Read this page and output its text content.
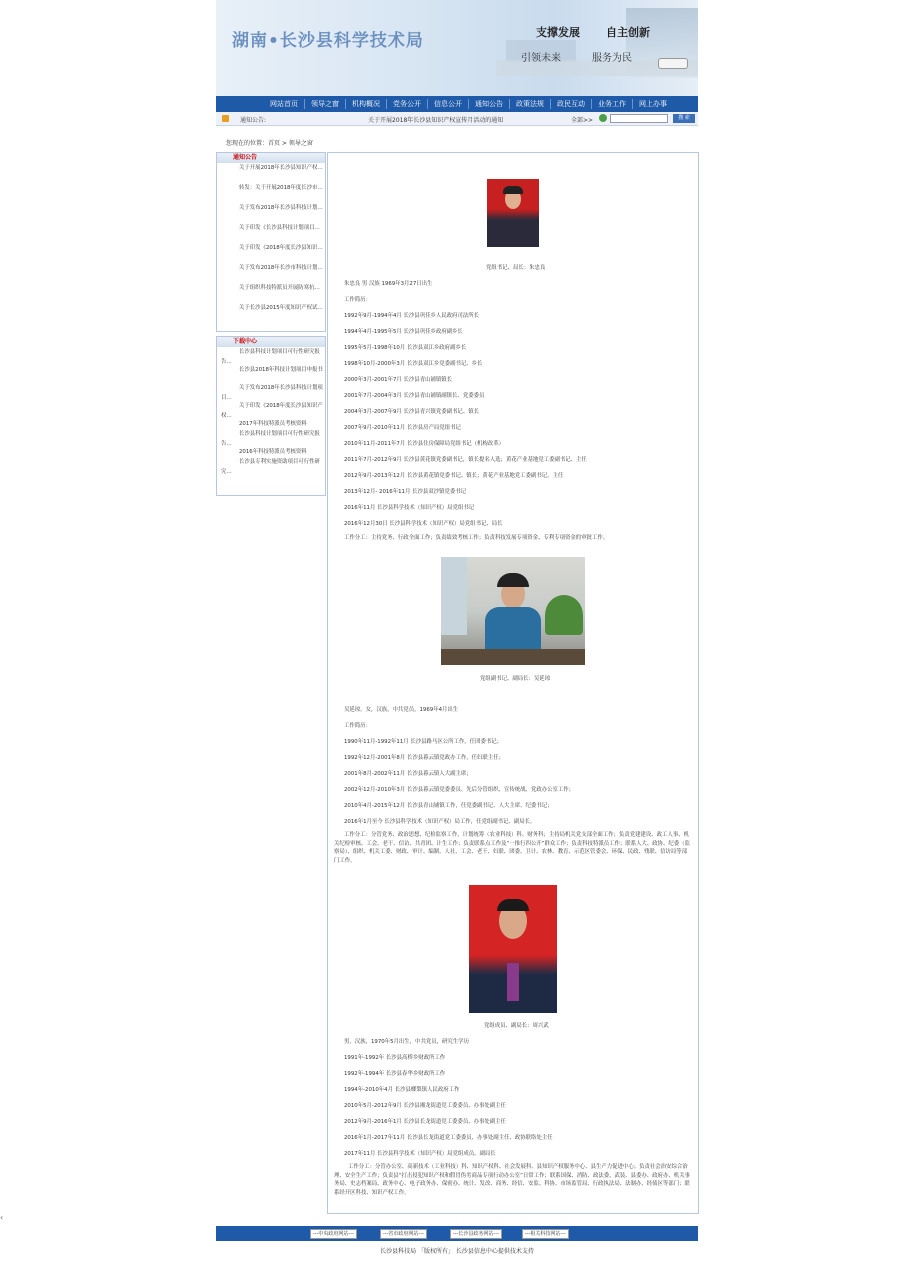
湖南•长沙县科学技术局	支撑发展 自主创新
引领未来	服务为民
网站首页	领导之窗	机构概况	党务公开	信息公开	通知公告	政策法规	政民互动	业务工作	网上办事
通知公告:	关于开展2018年长沙县知识产权宣传月活动的通知	全部>>	搜 索
您现在的位置：首页 > 领导之窗
通知公告
关于开展2018年长沙县知识产权…
转发：关于开展2018年度长沙市…
关于发布2018年长沙县科技计划…
关于印发《长沙县科技计划项目…
关于印发《2018年度长沙县知识…
关于发布2018年长沙市科技计划…
关于组织科技特派员开展防寒抗…
关于长沙县2015年度知识产权试…
下载中心
长沙县科技计划项目可行性研究报告…
长沙县2018年科技计划项目申报书
关于发布2018年长沙县科技计划项目…
关于印发《2018年度长沙县知识产权…
2017年科技特派员考核资料
长沙县科技计划项目可行性研究报告…
2016年科技特派员考核资料
长沙县专利实施资助项目可行性研究…
党组书记、局长：朱忠良
朱忠良 男 汉族 1969年3月27日出生
工作简历：
1992年9月-1994年4月 长沙县巩佳乡人民政府司法所长
1994年4月-1995年5月 长沙县巩佳乡政府副乡长
1995年5月-1998年10月 长沙县双江乡政府副乡长
1998年10月-2000年3月 长沙县双江乡党委副书记、乡长
2000年3月-2001年7月 长沙县青山铺镇镇长
2001年7月-2004年3月 长沙县青山铺镇副镇长、党委委员
2004年3月-2007年9月 长沙县青兴镇党委副书记、镇长
2007年9月-2010年11月 长沙县房产局党组书记
2010年11月-2011年7月 长沙县住房保障局党组书记（机构改革）
2011年7月-2012年9月 长沙县黄花镇党委副书记，镇长提名人选；黄花产业基地党工委副书记、主任
2012年9月-2013年12月 长沙县黄花镇党委书记、镇长；黄花产业基地党工委副书记、主任
2013年12月- 2016年11月 长沙县双沙镇党委书记
2016年11月 长沙县科学技术（知识产权）局党组书记
2016年12月30日 长沙县科学技术（知识产权）局党组书记、局长
工作分工：主持党务、行政全面工作；负责绩效考核工作；负责科技发展专项资金、专利专项资金的审批工作。
党组副书记、副局长：吴延琼
吴延琼，女，汉族，中共党员，1969年4月出生
工作简历：
1990年11月-1992年11月 长沙县路马区公所工作，任团委书记；
1992年12月-2001年8月 长沙县暮云镇党政办工作，任妇联主任；
2001年8月-2002年11月 长沙县暮云镇人大副主席；
2002年12月-2010年3月 长沙县暮云镇党委委员、先后分管组织、宣传统战、党政办公室工作；
2010年4月-2015年12月 长沙县青山铺镇工作，任党委副书记、人大主席、纪委书记；
2016年1月至今 长沙县科学技术（知识产权）局工作，任党组副书记、副局长。
工作分工：分管党务、政治思想、纪检监察工作，计划统筹（农业科技）科、财务科；主持局机关党支部全面工作；负责党建建设、政工人事、机关纪检审核、工会、老干、信访、共青团、计生工作；负责联系点工作及“一推行四公开”群众工作；负责科技特派员工作；联系人大、政协、纪委（监察局）、组织、机关工委、财政、审计、编制、人社、工会、老干、妇联、团委、卫计、农林、教育、示范区管委会、环保、民政、残联、信访局等部门工作。
党组成员、副局长：周兴武
男，汉族，1970年5月出生，中共党员，研究生学历
1991年-1992年 长沙县高桥乡财政所工作
1992年-1994年 长沙县春华乡财政所工作
1994年-2010年4月 长沙县榔梨镇人民政府工作
2010年5月-2012年9月 长沙县湘龙街道党工委委员、办事处副主任
2012年9月-2016年1月 长沙县长龙街道党工委委员、办事处副主任
2016年1月-2017年11月 长沙县长龙街道党工委委员、办事处副主任、政协联络处主任
2017年11月 长沙县科学技术（知识产权）局党组成员、副局长
工作分工：分管办公室、高新技术（工业科技）科、知识产权科、社会发展科、县知识产权服务中心、县生产力促进中心；负责社会治安综合治理、安全生产工作；负责县“打击侵犯知识产权和假冒伪劣商品专项行动办公室”日常工作；联系国保、消防、政法委、武装、县委办、政府办、机关事务局、史志档案局、政务中心、电子政务办、保密办、统计、发改、商务、经信、安监、科协、市场监管局、行政执法局、法制办、经侦区等部门；联系经开区科技、知识产权工作。
---中央政府网站---	---省市政府网站---	---长沙县政务网站---	---相关科技网站---
长沙县科技局 「版权所有」 长沙县信息中心提供技术支持
‹
